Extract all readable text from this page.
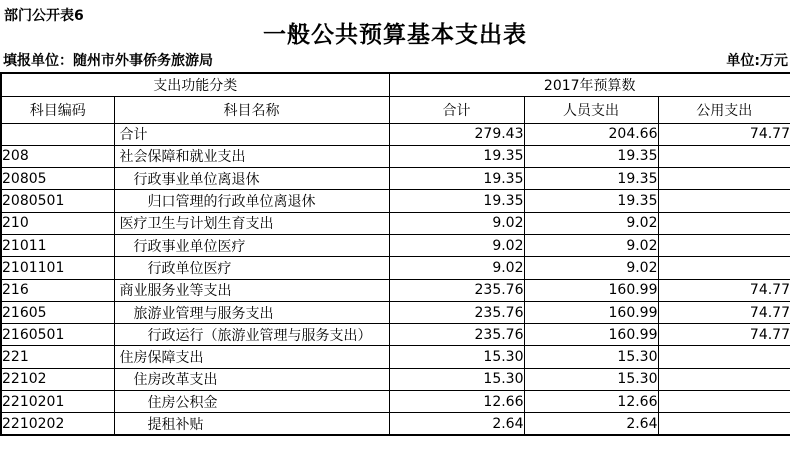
部门公开表6
一般公共预算基本支出表
填报单位：随州市外事侨务旅游局	单位:万元
支出功能分类		2017年预算数		
科目编码	科目名称	合计	人员支出	公用支出
	合计	279.43	204.66	74.77
208	社会保障和就业支出	19.35	19.35	
20805	行政事业单位离退休	19.35	19.35	
2080501	归口管理的行政单位离退休	19.35	19.35	
210	医疗卫生与计划生育支出	9.02	9.02	
21011	行政事业单位医疗	9.02	9.02	
2101101	行政单位医疗	9.02	9.02	
216	商业服务业等支出	235.76	160.99	74.77
21605	旅游业管理与服务支出	235.76	160.99	74.77
2160501	行政运行（旅游业管理与服务支出）	235.76	160.99	74.77
221	住房保障支出	15.30	15.30	
22102	住房改革支出	15.30	15.30	
2210201	住房公积金	12.66	12.66	
2210202	提租补贴	2.64	2.64	
